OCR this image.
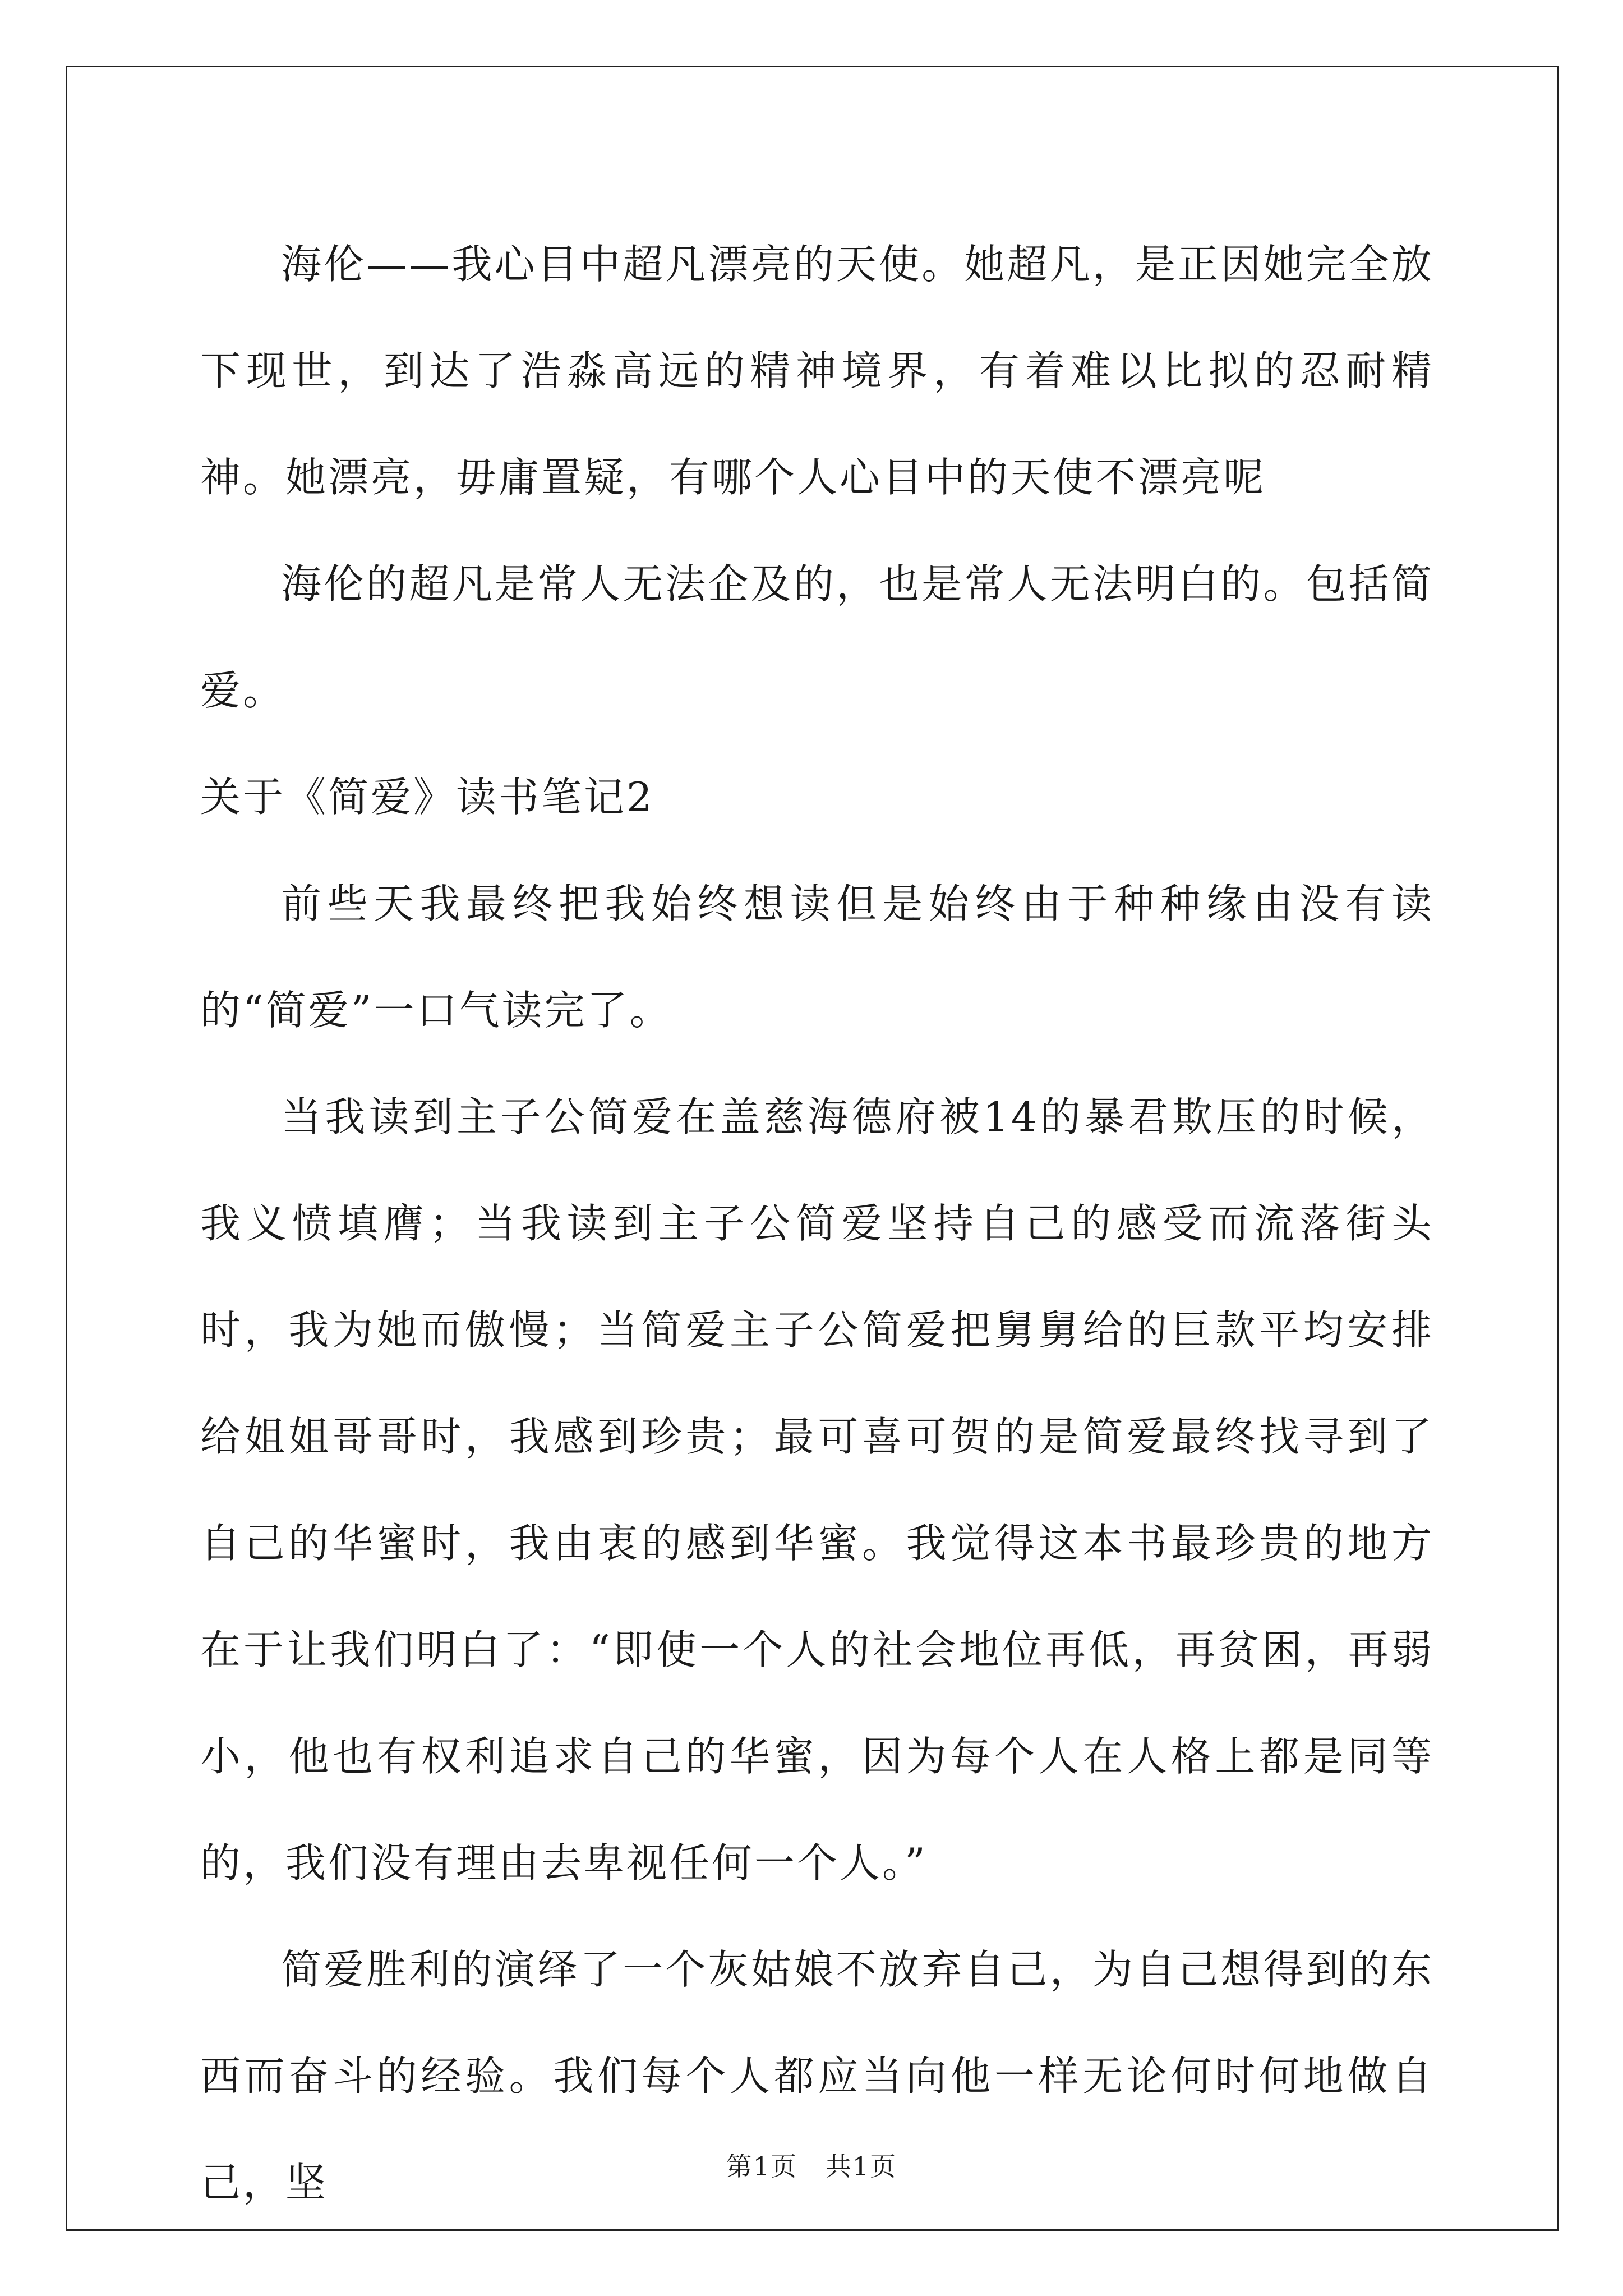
海伦——我心目中超凡漂亮的天使。她超凡，是正因她完全放下现世，到达了浩淼高远的精神境界，有着难以比拟的忍耐精神。她漂亮，毋庸置疑，有哪个人心目中的天使不漂亮呢

海伦的超凡是常人无法企及的，也是常人无法明白的。包括简爱。

关于《简爱》读书笔记2

前些天我最终把我始终想读但是始终由于种种缘由没有读的“简爱”一口气读完了。

当我读到主子公简爱在盖慈海德府被14的暴君欺压的时候，我义愤填膺；当我读到主子公简爱坚持自己的感受而流落街头时，我为她而傲慢；当简爱主子公简爱把舅舅给的巨款平均安排给姐姐哥哥时，我感到珍贵；最可喜可贺的是简爱最终找寻到了自己的华蜜时，我由衷的感到华蜜。我觉得这本书最珍贵的地方在于让我们明白了：“即使一个人的社会地位再低，再贫困，再弱小，他也有权利追求自己的华蜜，因为每个人在人格上都是同等的，我们没有理由去卑视任何一个人。”

简爱胜利的演绎了一个灰姑娘不放弃自己，为自己想得到的东西而奋斗的经验。我们每个人都应当向他一样无论何时何地做自己，坚	第1页   共1页
